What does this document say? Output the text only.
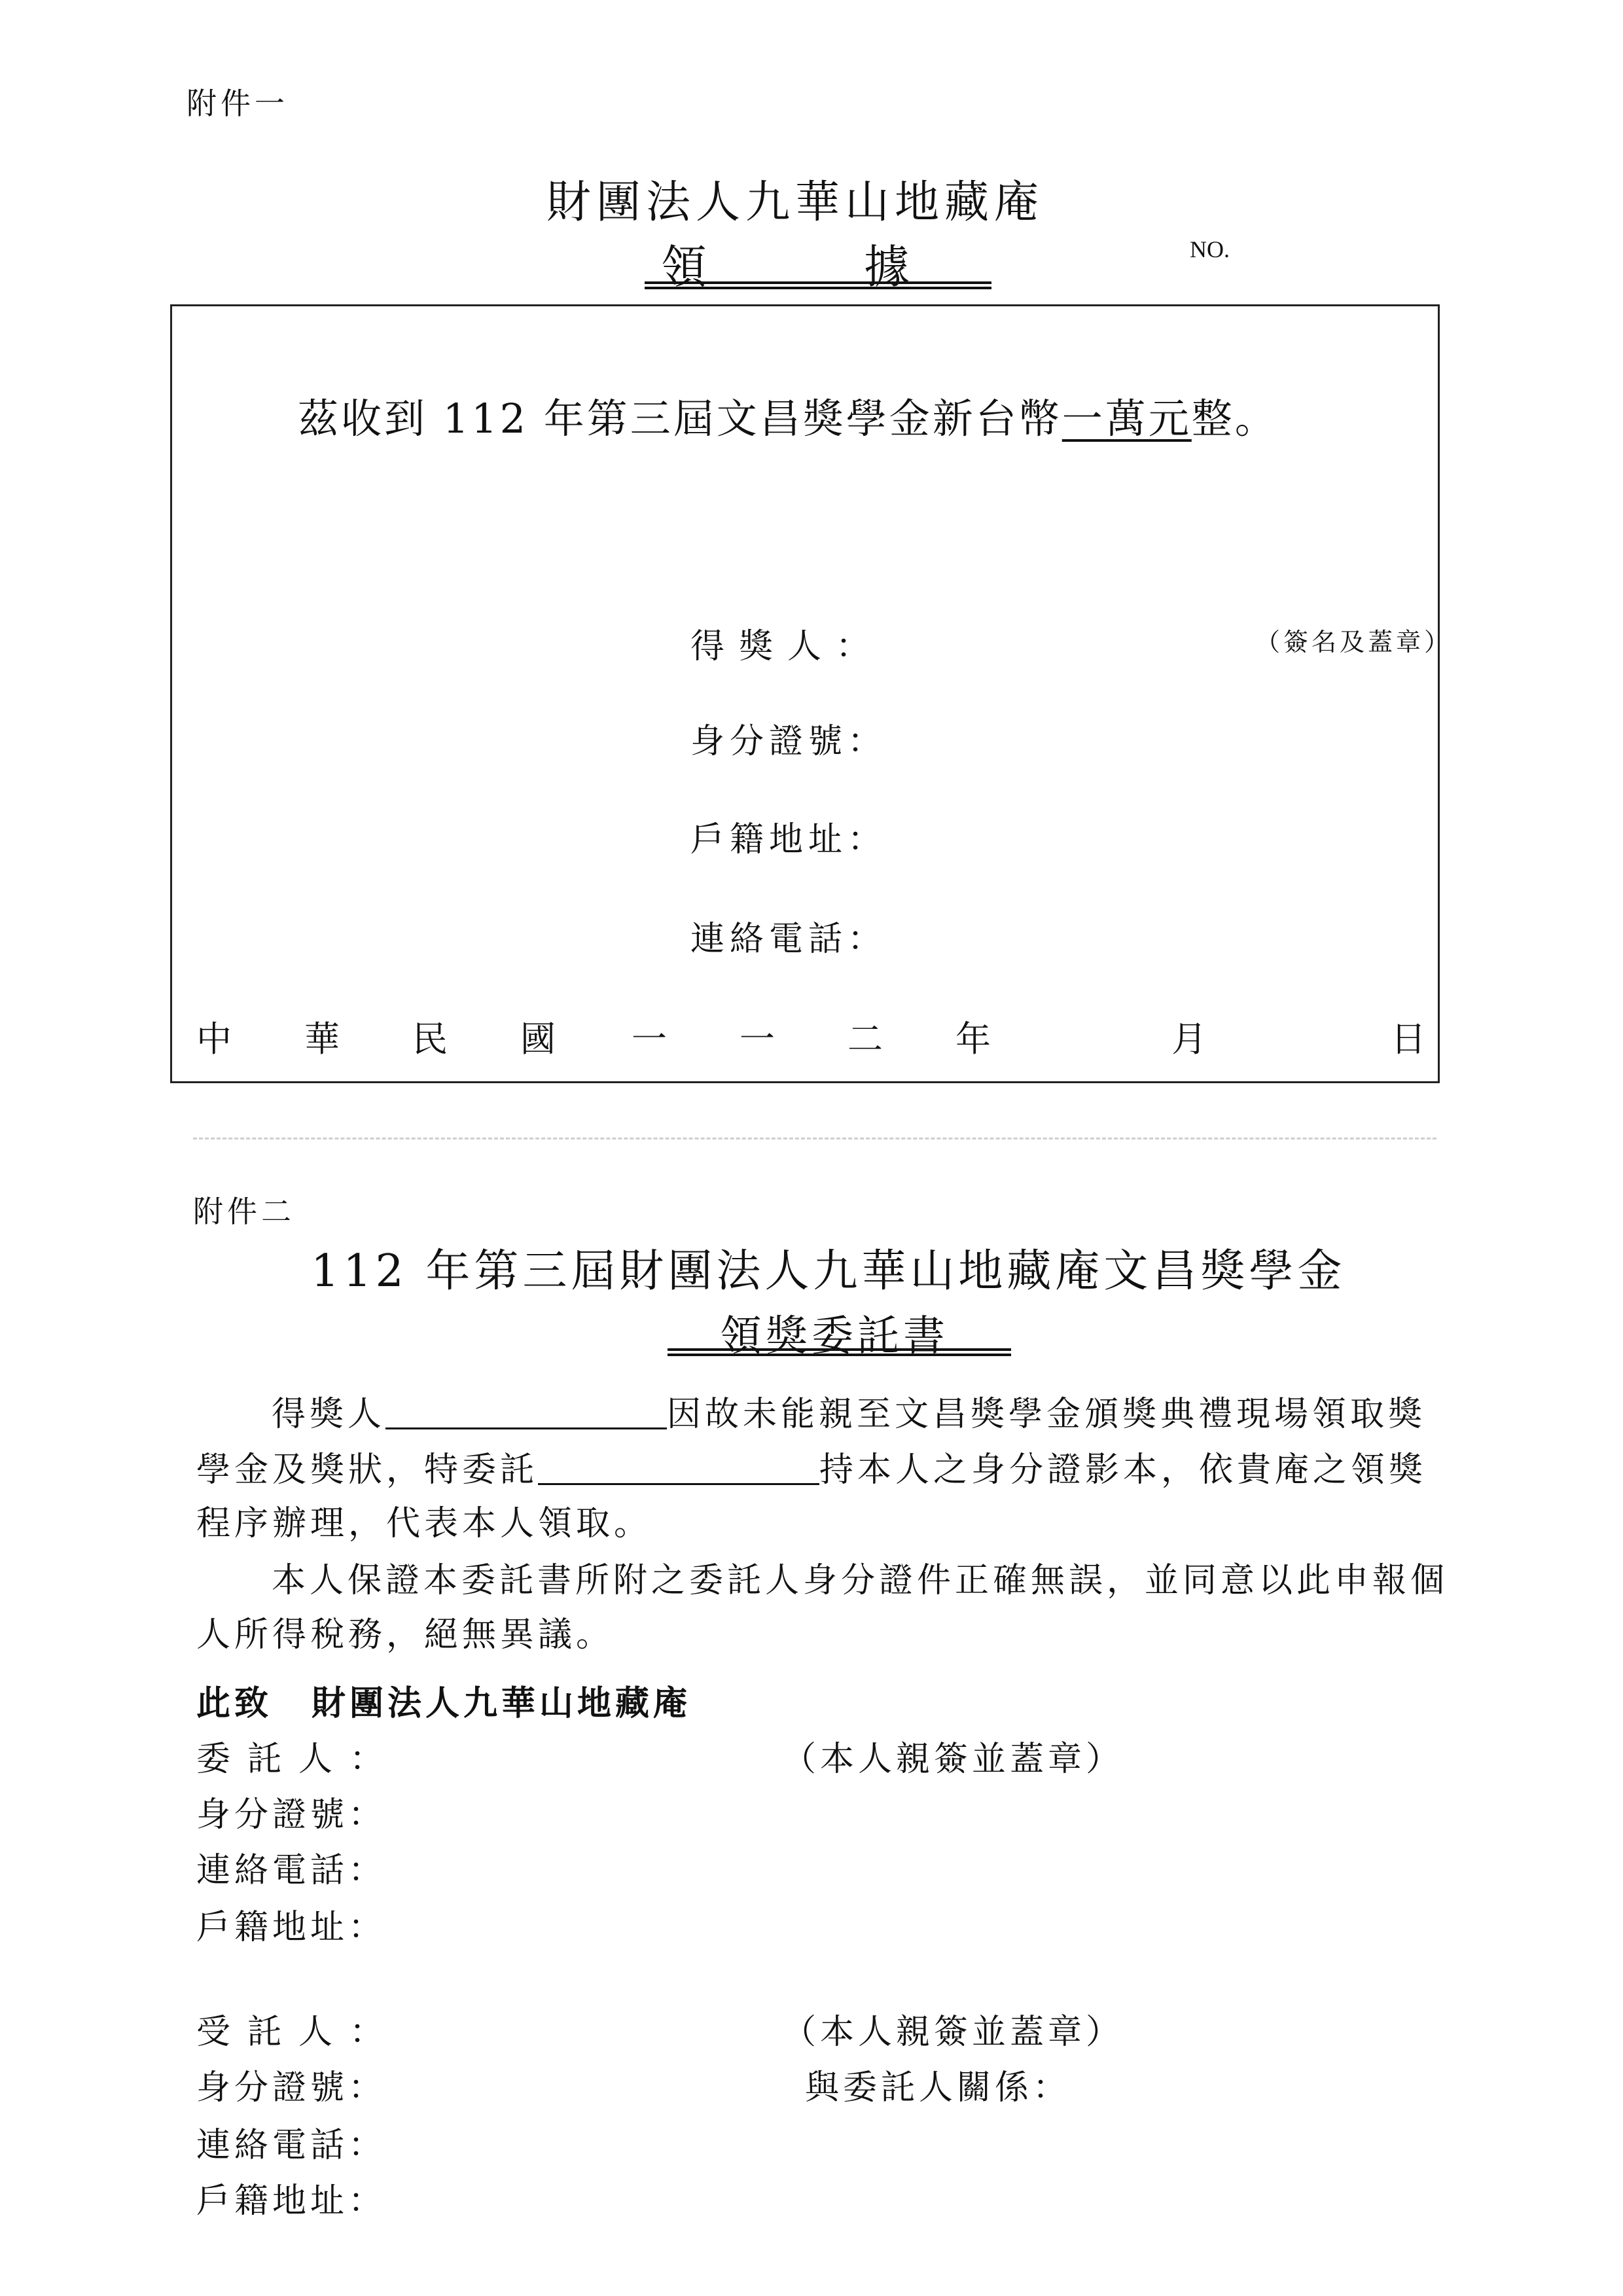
附件一
財團法人九華山地藏庵
領	據	NO.
茲收到 112 年第三屆文昌獎學金新台幣一萬元整。
得獎人：	（簽名及蓋章）
身分證號：
戶籍地址：
連絡電話：
中 華 民 國 一 一 二 年	月	日
附件二
112 年第三屆財團法人九華山地藏庵文昌獎學金
領獎委託書
得獎人	因故未能親至文昌獎學金頒獎典禮現場領取獎
學金及獎狀，特委託	持本人之身分證影本，依貴庵之領獎
程序辦理，代表本人領取。
本人保證本委託書所附之委託人身分證件正確無誤，並同意以此申報個
人所得稅務，絕無異議。
此致 財團法人九華山地藏庵
委託人：	（本人親簽並蓋章）
身分證號：
連絡電話：
戶籍地址：
受託人：	（本人親簽並蓋章）
身分證號：	與委託人關係：
連絡電話：
戶籍地址：
